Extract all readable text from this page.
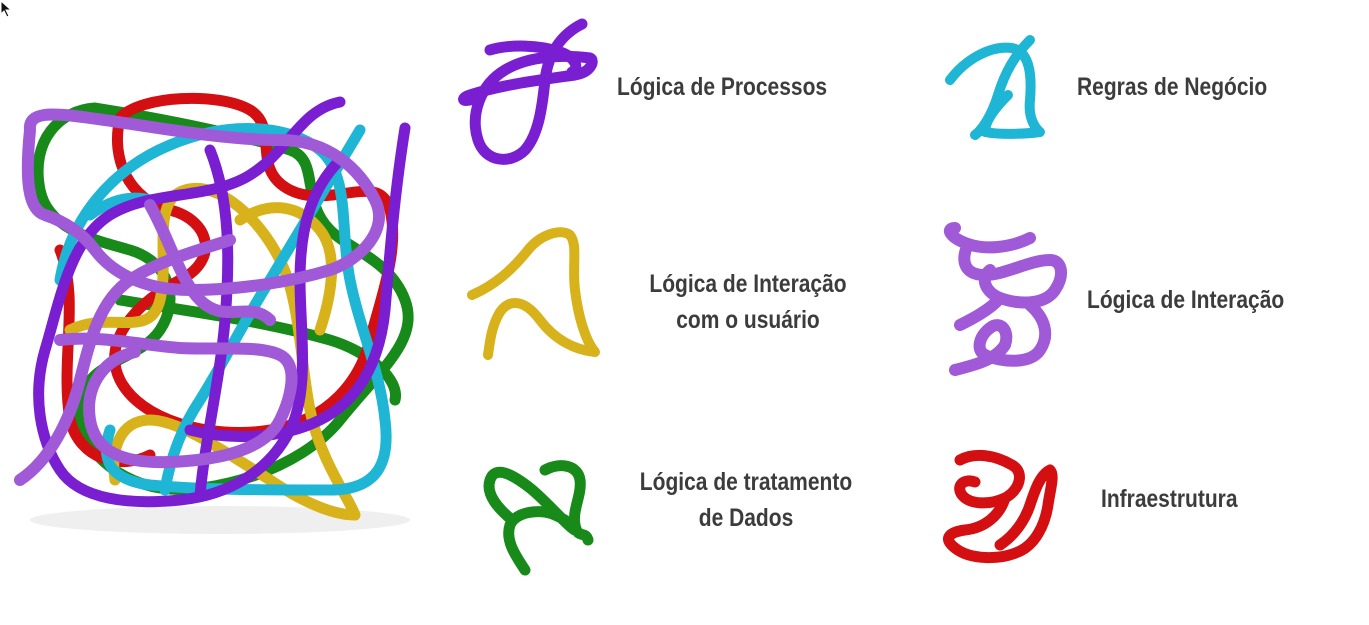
Lógica de Processos	Regras de Negócio
Lógica de Interação
com o usuário
Lógica de Interação
Lógica de tratamento
de Dados
Infraestrutura
